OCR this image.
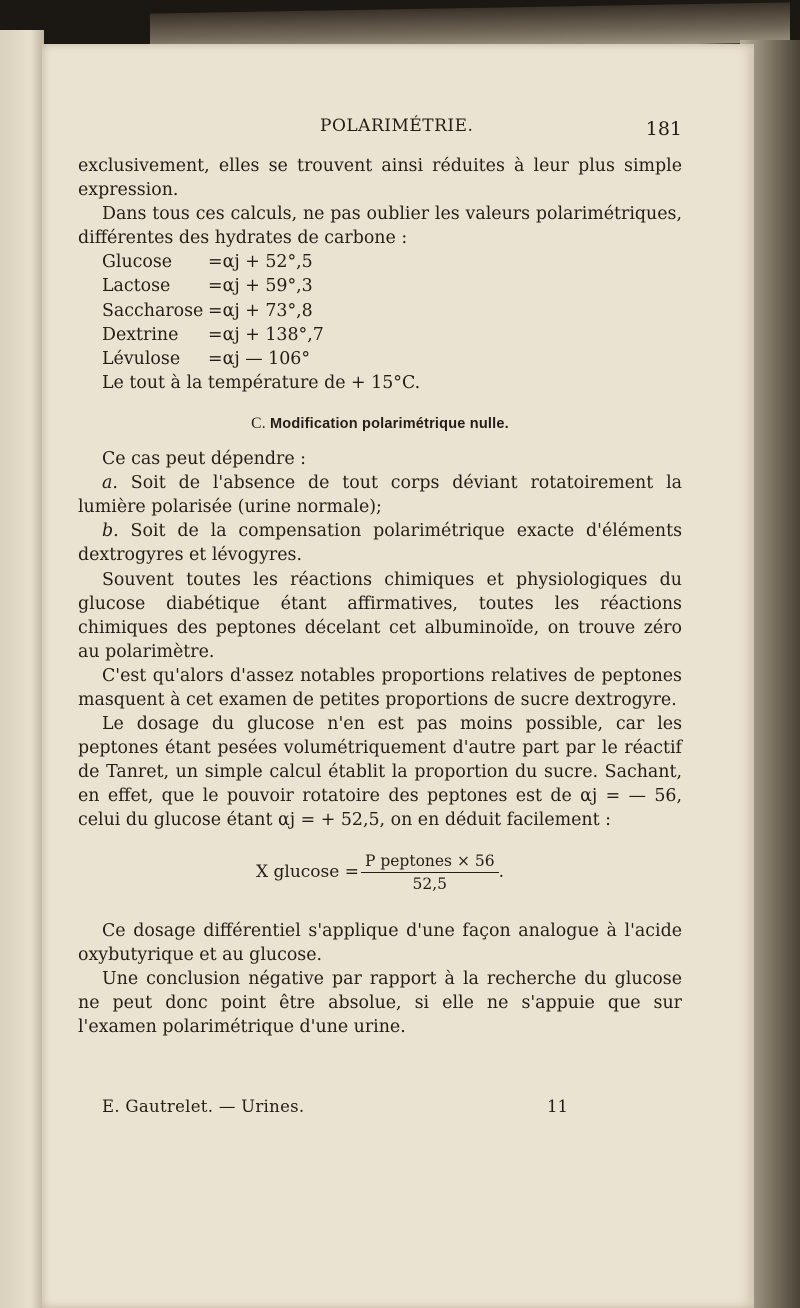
POLARIMÉTRIE.	181

exclusivement, elles se trouvent ainsi réduites à leur plus simple expression.

Dans tous ces calculs, ne pas oublier les valeurs polarimétriques, différentes des hydrates de carbone :

Glucose	=αj + 52°,5
Lactose	=αj + 59°,3
Saccharose =αj + 73°,8
Dextrine	=αj + 138°,7
Lévulose	=αj — 106°
Le tout à la température de + 15°C.
C. Modification polarimétrique nulle.

Ce cas peut dépendre :

a. Soit de l'absence de tout corps déviant rotatoirement la lumière polarisée (urine normale);

b. Soit de la compensation polarimétrique exacte d'éléments dextrogyres et lévogyres.

Souvent toutes les réactions chimiques et physiologiques du glucose diabétique étant affirmatives, toutes les réactions chimiques des peptones décelant cet albuminoïde, on trouve zéro au polarimètre.

C'est qu'alors d'assez notables proportions relatives de peptones masquent à cet examen de petites proportions de sucre dextrogyre.

Le dosage du glucose n'en est pas moins possible, car les peptones étant pesées volumétriquement d'autre part par le réactif de Tanret, un simple calcul établit la proportion du sucre. Sachant, en effet, que le pouvoir rotatoire des peptones est de αj = — 56, celui du glucose étant αj = + 52,5, on en déduit facilement :

X $glucose = \frac{\text{P peptones × 56}}{52,5}$ .

Ce dosage différentiel s'applique d'une façon analogue à l'acide oxybutyrique et au glucose.

Une conclusion négative par rapport à la recherche du glucose ne peut donc point être absolue, si elle ne s'appuie que sur l'examen polarimétrique d'une urine.

E. Gautrelet. — Urines.	11
